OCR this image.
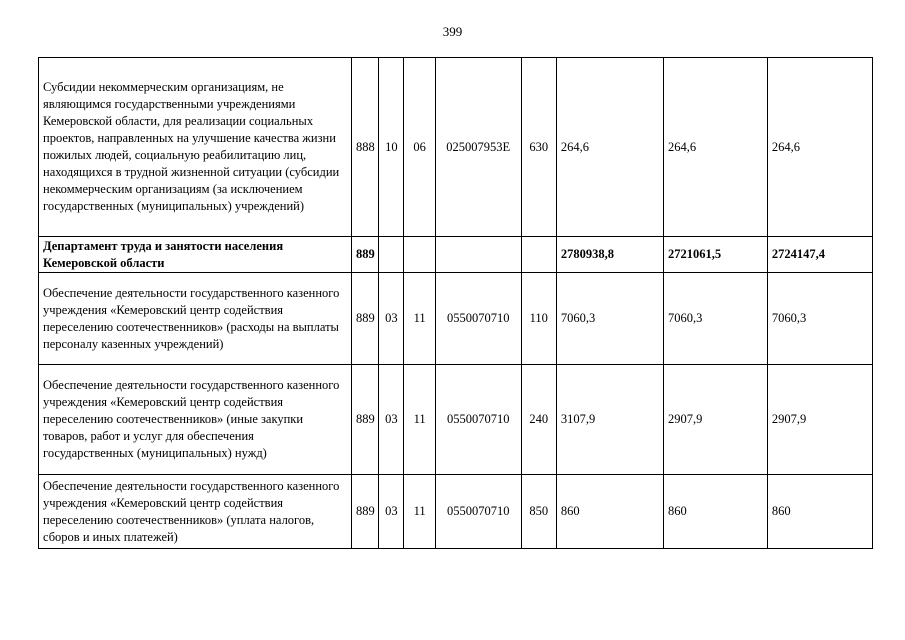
399
Субсидии некоммерческим организациям, не являющимся государственными учреждениями Кемеровской области, для реализации социальных проектов, направленных на улучшение качества жизни пожилых людей, социальную реабилитацию лиц, находящихся в трудной жизненной ситуации (субсидии некоммерческим организациям (за исключением государственных (муниципальных) учреждений)	888	10	06	025007953Е	630	264,6	264,6	264,6
Департамент труда и занятости населения Кемеровской области	889					2780938,8	2721061,5	2724147,4
Обеспечение деятельности государственного казенного учреждения «Кемеровский центр содействия переселению соотечественников» (расходы на выплаты персоналу казенных учреждений)	889	03	11	0550070710	110	7060,3	7060,3	7060,3
Обеспечение деятельности государственного казенного учреждения «Кемеровский центр содействия переселению соотечественников» (иные закупки товаров, работ и услуг для обеспечения государственных (муниципальных) нужд)	889	03	11	0550070710	240	3107,9	2907,9	2907,9
Обеспечение деятельности государственного казенного учреждения «Кемеровский центр содействия переселению соотечественников» (уплата налогов, сборов и иных платежей)	889	03	11	0550070710	850	860	860	860
